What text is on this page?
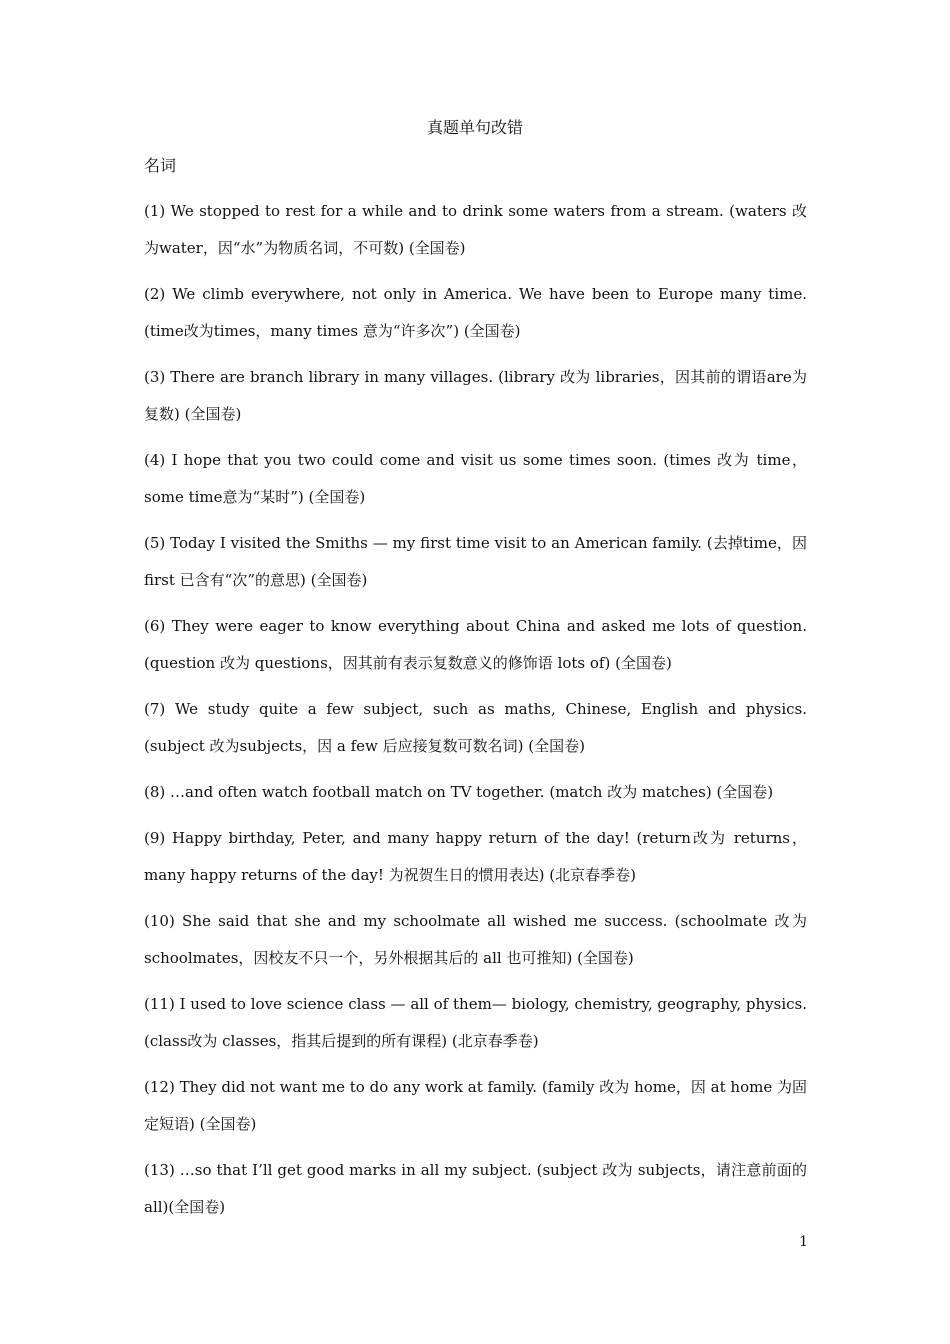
真题单句改错
名词

(1) We stopped to rest for a while and to drink some waters from a stream. (waters 改为water，因“水”为物质名词，不可数) (全国卷)

(2) We climb everywhere, not only in America. We have been to Europe many time. (time改为times，many times 意为“许多次”) (全国卷)

(3) There are branch library in many villages. (library 改为 libraries，因其前的谓语are为复数) (全国卷)

(4) I hope that you two could come and visit us some times soon. (times 改为 time，some time意为“某时”) (全国卷)

(5) Today I visited the Smiths — my first time visit to an American family. (去掉time，因first 已含有“次”的意思) (全国卷)

(6) They were eager to know everything about China and asked me lots of question. (question 改为 questions，因其前有表示复数意义的修饰语 lots of) (全国卷)

(7) We study quite a few subject, such as maths, Chinese, English and physics. (subject 改为subjects，因 a few 后应接复数可数名词) (全国卷)

(8) …and often watch football match on TV together. (match 改为 matches) (全国卷)

(9) Happy birthday, Peter, and many happy return of the day! (return改为 returns，many happy returns of the day! 为祝贺生日的惯用表达) (北京春季卷)

(10) She said that she and my schoolmate all wished me success. (schoolmate 改为 schoolmates，因校友不只一个，另外根据其后的 all 也可推知) (全国卷)

(11) I used to love science class — all of them— biology, chemistry, geography, physics. (class改为 classes，指其后提到的所有课程) (北京春季卷)

(12) They did not want me to do any work at family. (family 改为 home，因 at home 为固定短语) (全国卷)

(13) …so that I’ll get good marks in all my subject. (subject 改为 subjects，请注意前面的 all)(全国卷)

1
